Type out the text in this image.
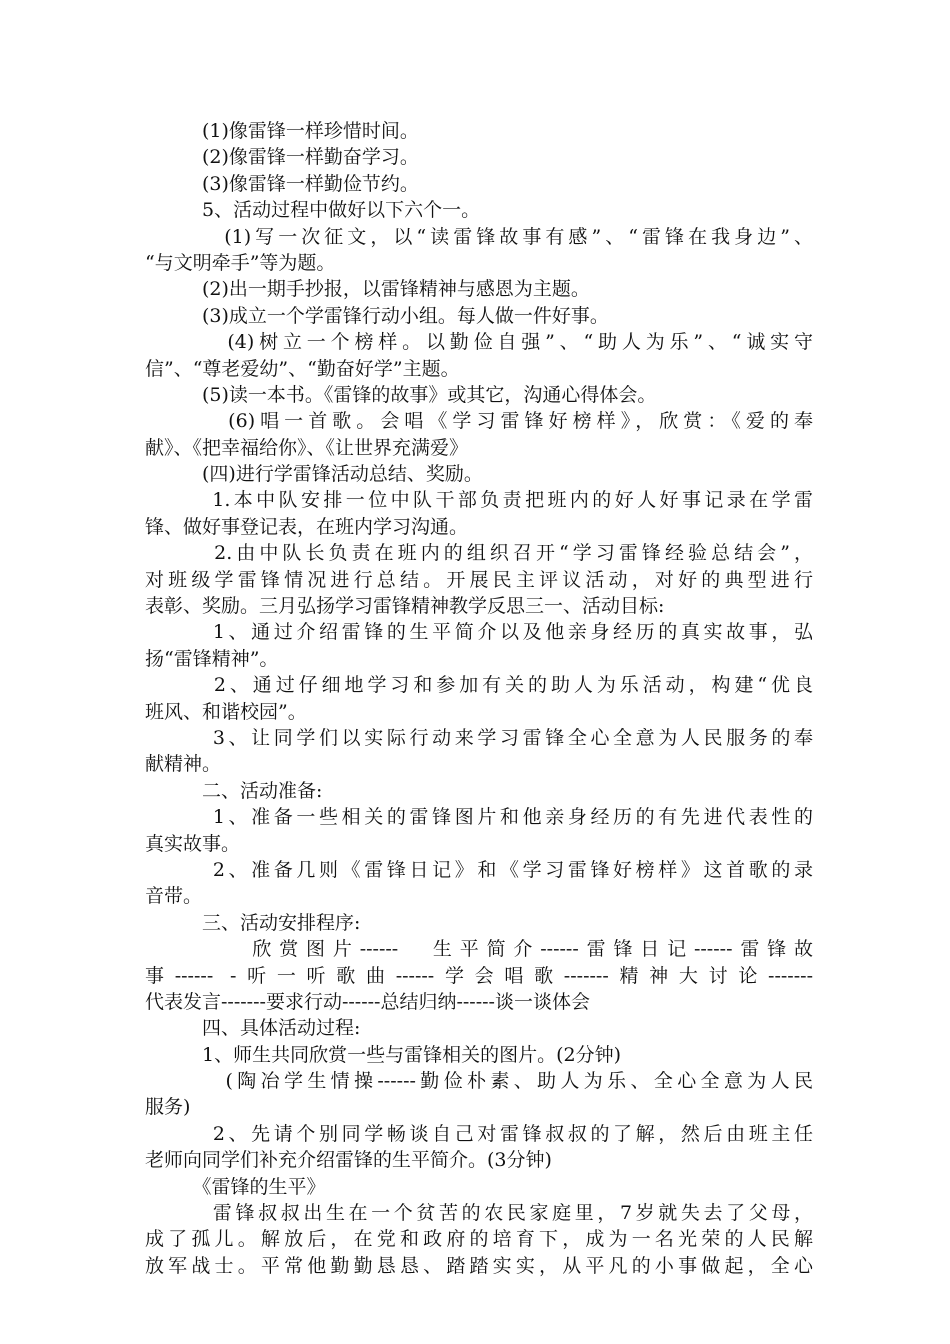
　　　(1)像雷锋一样珍惜时间。
　　　(2)像雷锋一样勤奋学习。
　　　(3)像雷锋一样勤俭节约。
　　　5、活动过程中做好以下六个一。
　　　 (1)写一次征文，以“读雷锋故事有感”、“雷锋在我身边”、
“与文明牵手”等为题。
　　　(2)出一期手抄报，以雷锋精神与感恩为主题。
　　　(3)成立一个学雷锋行动小组。每人做一件好事。
　　　 (4)树立一个榜样。以勤俭自强”、“助人为乐”、“诚实守
信”、“尊老爱幼”、“勤奋好学”主题。
　　　(5)读一本书。《雷锋的故事》或其它，沟通心得体会。
　　　 (6)唱一首歌。会唱《学习雷锋好榜样》，欣赏：《爱的奉
献》、《把幸福给你》、《让世界充满爱》
　　　(四)进行学雷锋活动总结、奖励。
　　　1.本中队安排一位中队干部负责把班内的好人好事记录在学雷
锋、做好事登记表，在班内学习沟通。
　　　2.由中队长负责在班内的组织召开“学习雷锋经验总结会”，
对班级学雷锋情况进行总结。开展民主评议活动，对好的典型进行
表彰、奖励。三月弘扬学习雷锋精神教学反思三一、活动目标:
　　　1、通过介绍雷锋的生平简介以及他亲身经历的真实故事，弘
扬“雷锋精神”。
　　　2、通过仔细地学习和参加有关的助人为乐活动，构建“优良
班风、和谐校园”。
　　　3、让同学们以实际行动来学习雷锋全心全意为人民服务的奉
献精神。
　　　二、活动准备:
　　　1、准备一些相关的雷锋图片和他亲身经历的有先进代表性的
真实故事。
　　　2、准备几则《雷锋日记》和《学习雷锋好榜样》这首歌的录
音带。
　　　三、活动安排程序:
　　　　欣赏图片------　生平简介------雷锋日记------雷锋故
事------ -听一听歌曲------学会唱歌-------精神大讨论-------
代表发言-------要求行动------总结归纳------谈一谈体会
　　　四、具体活动过程:
　　　1、师生共同欣赏一些与雷锋相关的图片。(2分钟)
　　　 (陶冶学生情操------勤俭朴素、助人为乐、全心全意为人民
服务)
　　　2、先请个别同学畅谈自己对雷锋叔叔的了解，然后由班主任
老师向同学们补充介绍雷锋的生平简介。(3分钟)
　　　《雷锋的生平》
　　　雷锋叔叔出生在一个贫苦的农民家庭里，7岁就失去了父母，
成了孤儿。解放后，在党和政府的培育下，成为一名光荣的人民解
放军战士。平常他勤勤恳恳、踏踏实实，从平凡的小事做起，全心
